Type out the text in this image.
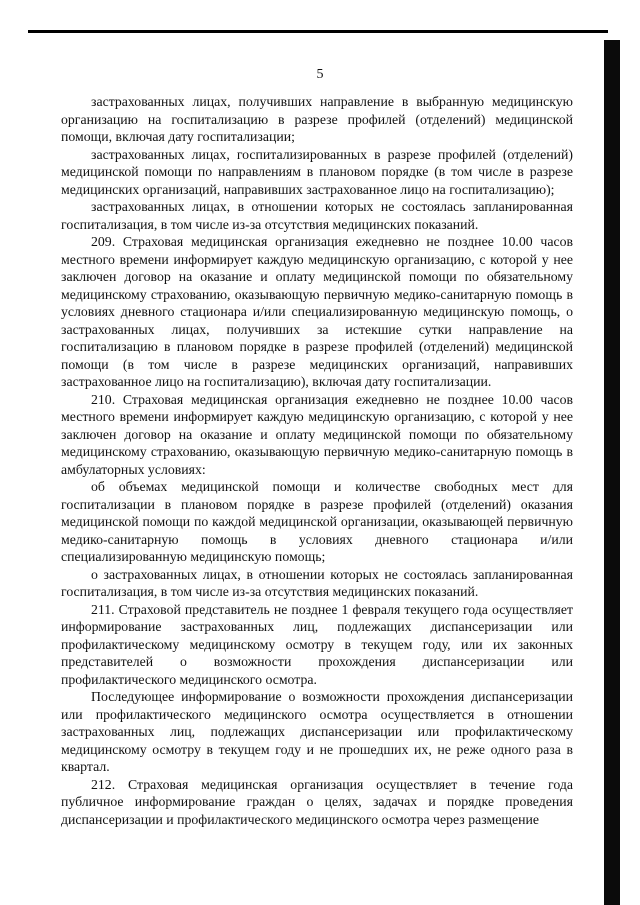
5

застрахованных лицах, получивших направление в выбранную медицинскую организацию на госпитализацию в разрезе профилей (отделений) медицинской помощи, включая дату госпитализации;

застрахованных лицах, госпитализированных в разрезе профилей (отделений) медицинской помощи по направлениям в плановом порядке (в том числе в разрезе медицинских организаций, направивших застрахованное лицо на госпитализацию);

застрахованных лицах, в отношении которых не состоялась запланированная госпитализация, в том числе из-за отсутствия медицинских показаний.

209. Страховая медицинская организация ежедневно не позднее 10.00 часов местного времени информирует каждую медицинскую организацию, с которой у нее заключен договор на оказание и оплату медицинской помощи по обязательному медицинскому страхованию, оказывающую первичную медико-санитарную помощь в условиях дневного стационара и/или специализированную медицинскую помощь, о застрахованных лицах, получивших за истекшие сутки направление на госпитализацию в плановом порядке в разрезе профилей (отделений) медицинской помощи (в том числе в разрезе медицинских организаций, направивших застрахованное лицо на госпитализацию), включая дату госпитализации.

210. Страховая медицинская организация ежедневно не позднее 10.00 часов местного времени информирует каждую медицинскую организацию, с которой у нее заключен договор на оказание и оплату медицинской помощи по обязательному медицинскому страхованию, оказывающую первичную медико-санитарную помощь в амбулаторных условиях:

об объемах медицинской помощи и количестве свободных мест для госпитализации в плановом порядке в разрезе профилей (отделений) оказания медицинской помощи по каждой медицинской организации, оказывающей первичную медико-санитарную помощь в условиях дневного стационара и/или специализированную медицинскую помощь;

о застрахованных лицах, в отношении которых не состоялась запланированная госпитализация, в том числе из-за отсутствия медицинских показаний.

211. Страховой представитель не позднее 1 февраля текущего года осуществляет информирование застрахованных лиц, подлежащих диспансеризации или профилактическому медицинскому осмотру в текущем году, или их законных представителей о возможности прохождения диспансеризации или профилактического медицинского осмотра.

Последующее информирование о возможности прохождения диспансеризации или профилактического медицинского осмотра осуществляется в отношении застрахованных лиц, подлежащих диспансеризации или профилактическому медицинскому осмотру в текущем году и не прошедших их, не реже одного раза в квартал.

212. Страховая медицинская организация осуществляет в течение года публичное информирование граждан о целях, задачах и порядке проведения диспансеризации и профилактического медицинского осмотра через размещение
